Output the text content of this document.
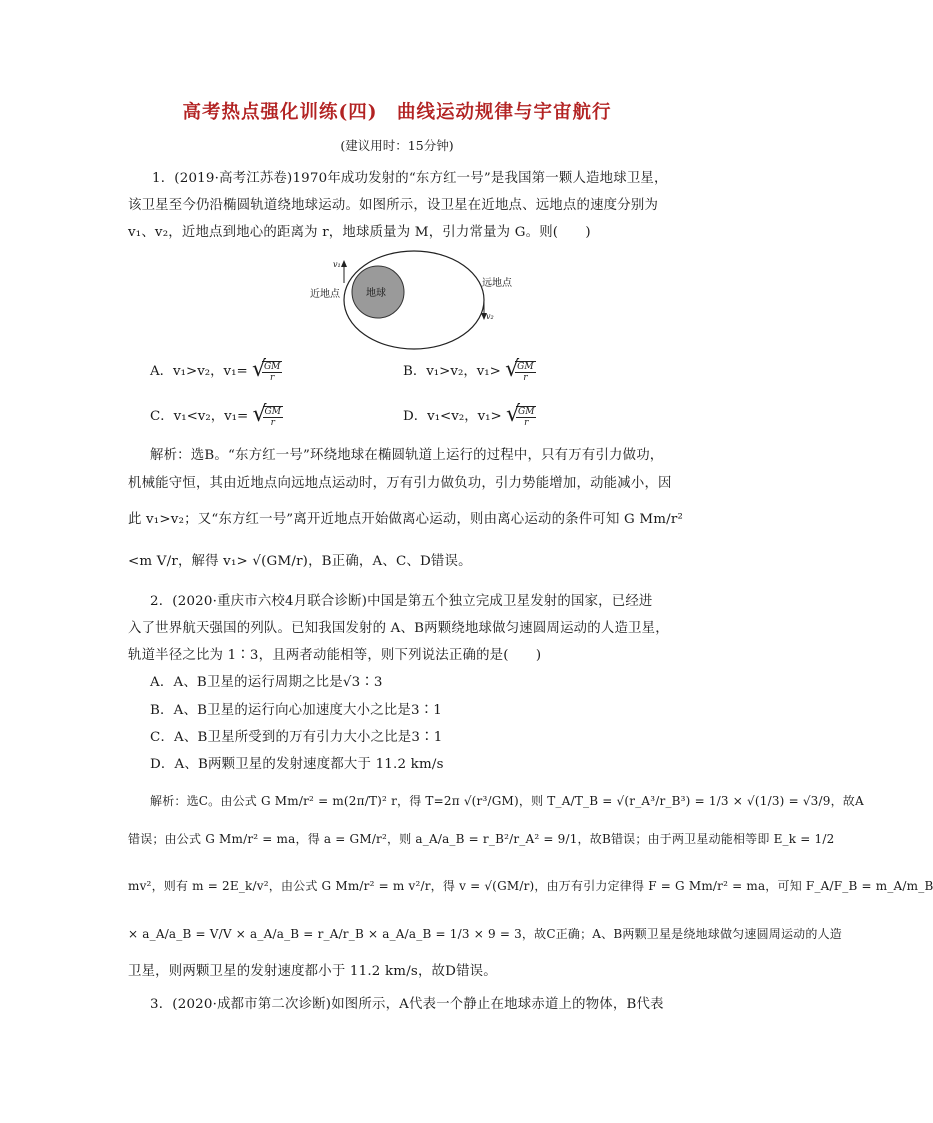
高考热点强化训练(四)　曲线运动规律与宇宙航行
(建议用时：15分钟)
1．(2019·高考江苏卷)1970年成功发射的“东方红一号”是我国第一颗人造地球卫星，
该卫星至今仍沿椭圆轨道绕地球运动。如图所示，设卫星在近地点、远地点的速度分别为
v₁、v₂，近地点到地心的距离为 r，地球质量为 M，引力常量为 G。则(　　)
地球
近地点
远地点
v₁
v₂
A．v₁>v₂，v₁= √
GM
r	B．v₁>v₂，v₁> √
GM
r
C．v₁<v₂，v₁= √
GM
r	D．v₁<v₂，v₁> √
GM
r
解析：选B。“东方红一号”环绕地球在椭圆轨道上运行的过程中，只有万有引力做功，
机械能守恒，其由近地点向远地点运动时，万有引力做负功，引力势能增加，动能减小，因
此 v₁>v₂；又“东方红一号”离开近地点开始做离心运动，则由离心运动的条件可知 G Mm/r²
<m V/r，解得 v₁> √(GM/r)，B正确，A、C、D错误。
2．(2020·重庆市六校4月联合诊断)中国是第五个独立完成卫星发射的国家，已经进
入了世界航天强国的列队。已知我国发射的 A、B两颗绕地球做匀速圆周运动的人造卫星，
轨道半径之比为 1∶3，且两者动能相等，则下列说法正确的是(　　)
A．A、B卫星的运行周期之比是√3∶3
B．A、B卫星的运行向心加速度大小之比是3∶1
C．A、B卫星所受到的万有引力大小之比是3∶1
D．A、B两颗卫星的发射速度都大于 11.2 km/s
解析：选C。由公式 G Mm/r² = m(2π/T)² r，得 T=2π √(r³/GM)，则 T_A/T_B = √(r_A³/r_B³) = 1/3 × √(1/3) = √3/9，故A
错误；由公式 G Mm/r² = ma，得 a = GM/r²，则 a_A/a_B = r_B²/r_A² = 9/1，故B错误；由于两卫星动能相等即 E_k = 1/2
mv²，则有 m = 2E_k/v²，由公式 G Mm/r² = m v²/r，得 v = √(GM/r)，由万有引力定律得 F = G Mm/r² = ma，可知 F_A/F_B = m_A/m_B
× a_A/a_B = V/V × a_A/a_B = r_A/r_B × a_A/a_B = 1/3 × 9 = 3，故C正确；A、B两颗卫星是绕地球做匀速圆周运动的人造
卫星，则两颗卫星的发射速度都小于 11.2 km/s，故D错误。
3．(2020·成都市第二次诊断)如图所示，A代表一个静止在地球赤道上的物体，B代表
